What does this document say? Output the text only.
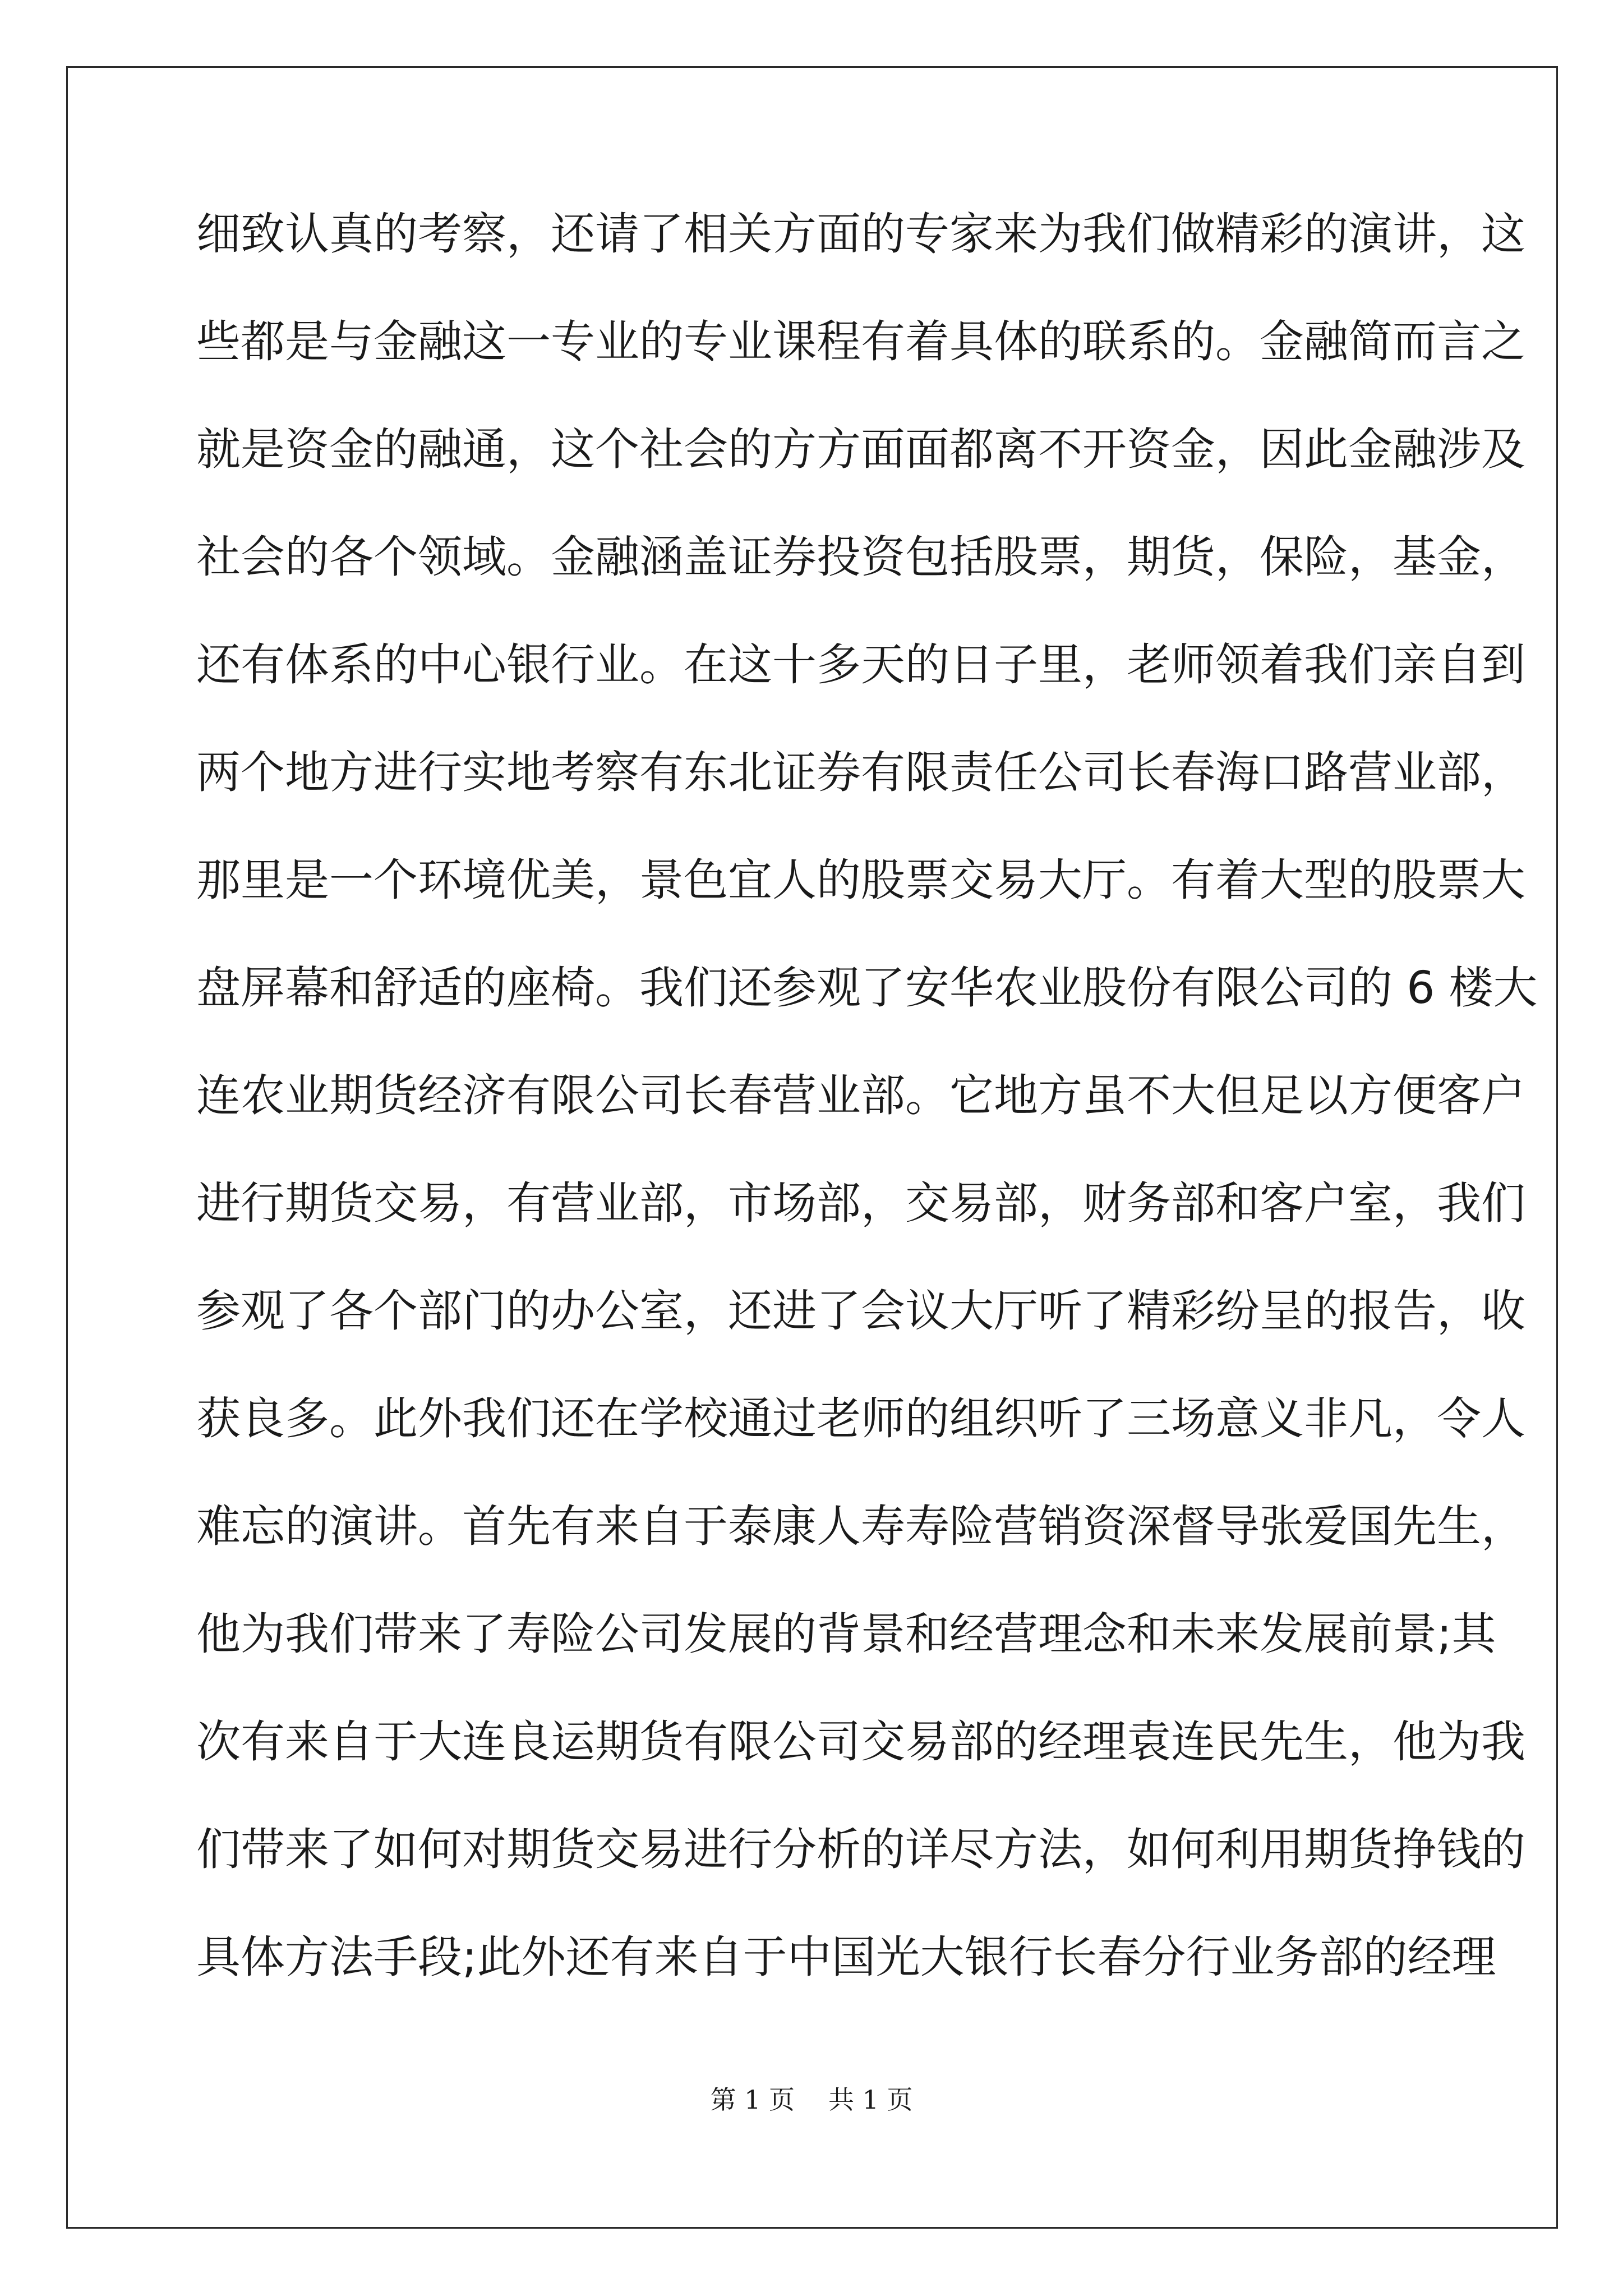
细致认真的考察，还请了相关方面的专家来为我们做精彩的演讲，这
些都是与金融这一专业的专业课程有着具体的联系的。金融简而言之
就是资金的融通，这个社会的方方面面都离不开资金，因此金融涉及
社会的各个领域。金融涵盖证券投资包括股票，期货，保险，基金，
还有体系的中心银行业。在这十多天的日子里，老师领着我们亲自到
两个地方进行实地考察有东北证券有限责任公司长春海口路营业部，
那里是一个环境优美，景色宜人的股票交易大厅。有着大型的股票大
盘屏幕和舒适的座椅。我们还参观了安华农业股份有限公司的 6 楼大
连农业期货经济有限公司长春营业部。它地方虽不大但足以方便客户
进行期货交易，有营业部，市场部，交易部，财务部和客户室，我们
参观了各个部门的办公室，还进了会议大厅听了精彩纷呈的报告，收
获良多。此外我们还在学校通过老师的组织听了三场意义非凡，令人
难忘的演讲。首先有来自于泰康人寿寿险营销资深督导张爱国先生，
他为我们带来了寿险公司发展的背景和经营理念和未来发展前景;其
次有来自于大连良运期货有限公司交易部的经理袁连民先生，他为我
们带来了如何对期货交易进行分析的详尽方法，如何利用期货挣钱的
具体方法手段;此外还有来自于中国光大银行长春分行业务部的经理
第 1 页 共 1 页
